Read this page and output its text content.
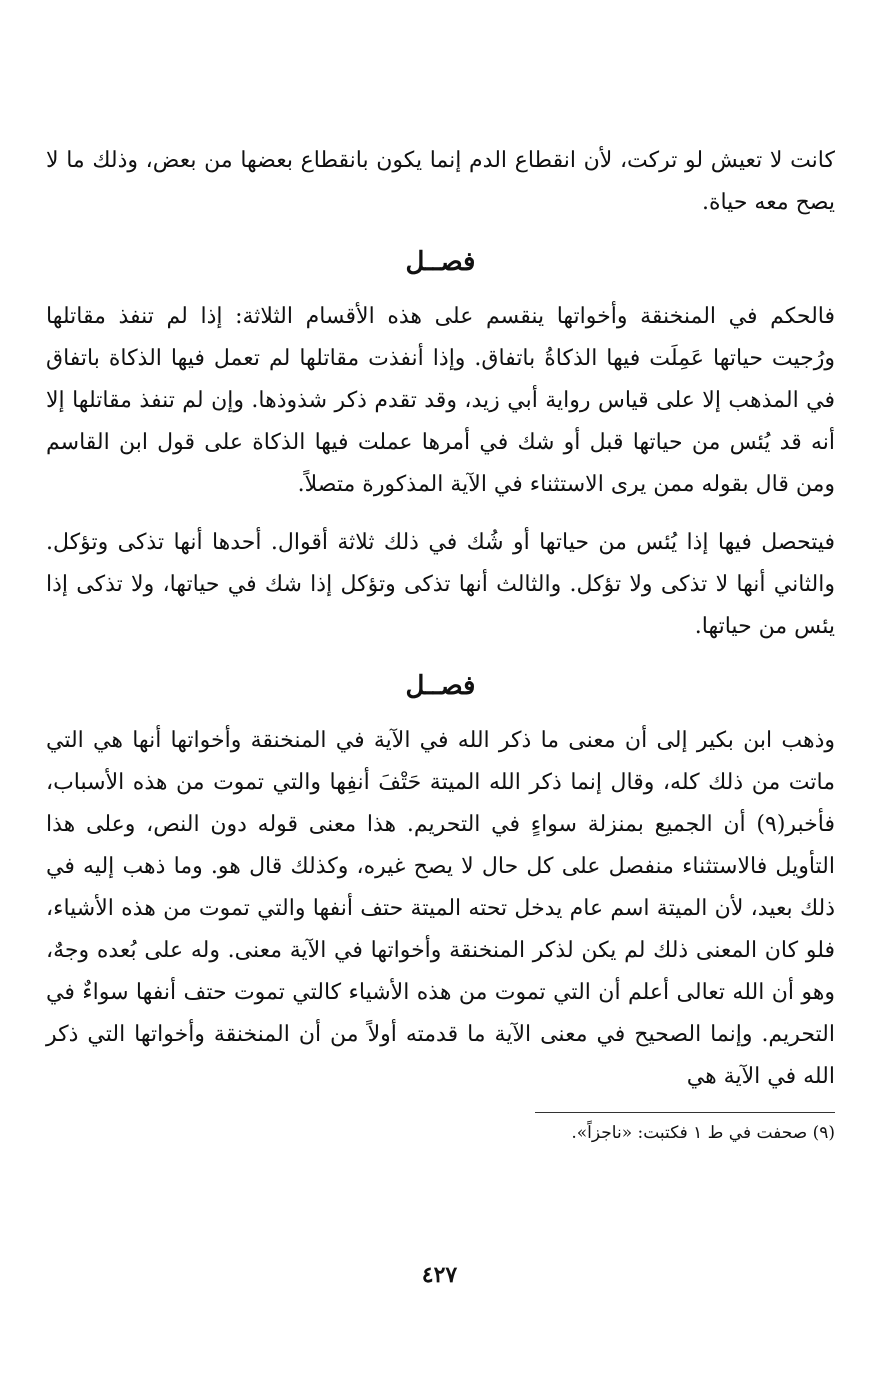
كانت لا تعيش لو تركت، لأن انقطاع الدم إنما يكون بانقطاع بعضها من بعض، وذلك ما لا يصح معه حياة.

فصــل

فالحكم في المنخنقة وأخواتها ينقسم على هذه الأقسام الثلاثة: إذا لم تنفذ مقاتلها ورُجيت حياتها عَمِلَت فيها الذكاةُ باتفاق. وإذا أنفذت مقاتلها لم تعمل فيها الذكاة باتفاق في المذهب إلا على قياس رواية أبي زيد، وقد تقدم ذكر شذوذها. وإن لم تنفذ مقاتلها إلا أنه قد يُئس من حياتها قبل أو شك في أمرها عملت فيها الذكاة على قول ابن القاسم ومن قال بقوله ممن يرى الاستثناء في الآية المذكورة متصلاً.

فيتحصل فيها إذا يُئس من حياتها أو شُك في ذلك ثلاثة أقوال. أحدها أنها تذكى وتؤكل. والثاني أنها لا تذكى ولا تؤكل. والثالث أنها تذكى وتؤكل إذا شك في حياتها، ولا تذكى إذا يئس من حياتها.

فصــل

وذهب ابن بكير إلى أن معنى ما ذكر الله في الآية في المنخنقة وأخواتها أنها هي التي ماتت من ذلك كله، وقال إنما ذكر الله الميتة حَتْفَ أنفِها والتي تموت من هذه الأسباب، فأخبر(٩) أن الجميع بمنزلة سواءٍ في التحريم. هذا معنى قوله دون النص، وعلى هذا التأويل فالاستثناء منفصل على كل حال لا يصح غيره، وكذلك قال هو. وما ذهب إليه في ذلك بعيد، لأن الميتة اسم عام يدخل تحته الميتة حتف أنفها والتي تموت من هذه الأشياء، فلو كان المعنى ذلك لم يكن لذكر المنخنقة وأخواتها في الآية معنى. وله على بُعده وجهٌ، وهو أن الله تعالى أعلم أن التي تموت من هذه الأشياء كالتي تموت حتف أنفها سواءٌ في التحريم. وإنما الصحيح في معنى الآية ما قدمته أولاً من أن المنخنقة وأخواتها التي ذكر الله في الآية هي

(٩) صحفت في ط ١ فكتبت: «ناجزاً».

٤٢٧
